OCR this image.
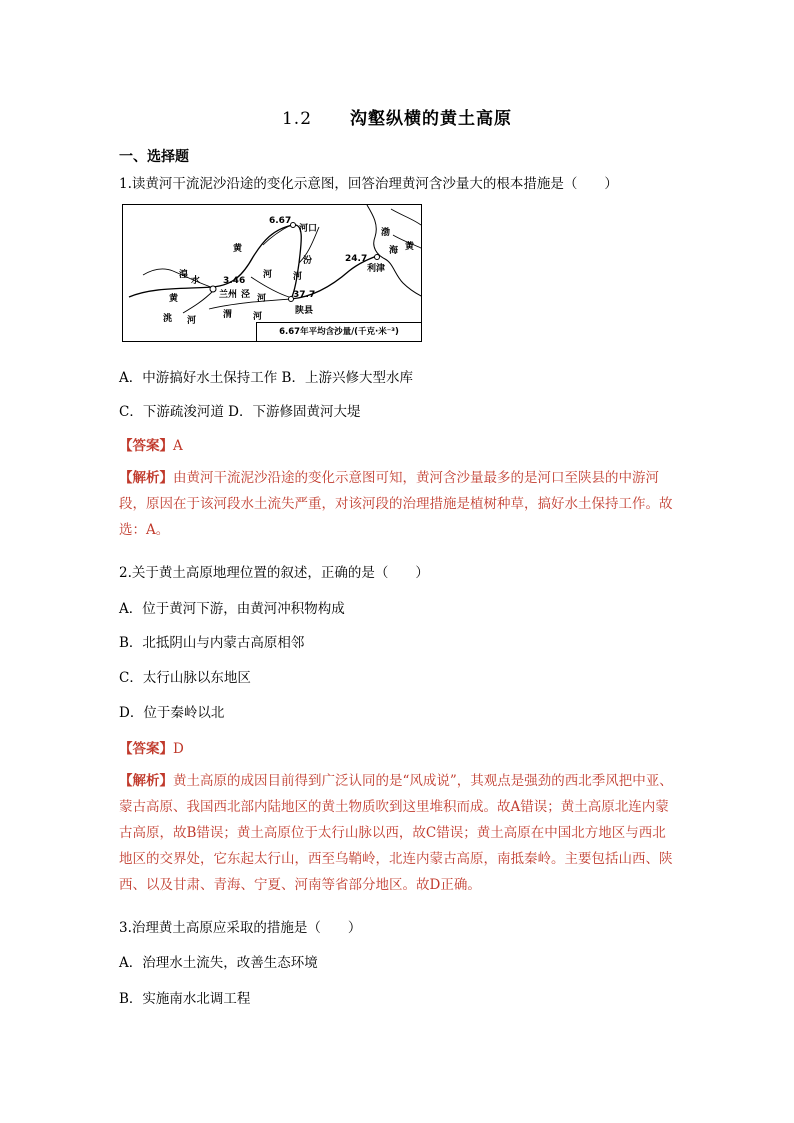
1.2 沟壑纵横的黄土高原
一、选择题
1.读黄河干流泥沙沿途的变化示意图，回答治理黄河含沙量大的根本措施是（　　）
6.67
河口
3.46
兰州	37.7
陕县
24.7
利津
黄
河
汾
河
泾 河
渭 河
洮 河
湟
水
渤
海 黄
黄
6.67年平均含沙量/(千克·米⁻³)
A．中游搞好水土保持工作 B．上游兴修大型水库
C．下游疏浚河道 D．下游修固黄河大堤
【答案】A
【解析】由黄河干流泥沙沿途的变化示意图可知，黄河含沙量最多的是河口至陕县的中游河段，原因在于该河段水土流失严重，对该河段的治理措施是植树种草，搞好水土保持工作。故选：A。
2.关于黄土高原地理位置的叙述，正确的是（　　）
A．位于黄河下游，由黄河冲积物构成
B．北抵阴山与内蒙古高原相邻
C．太行山脉以东地区
D．位于秦岭以北
【答案】D
【解析】黄土高原的成因目前得到广泛认同的是“风成说”，其观点是强劲的西北季风把中亚、蒙古高原、我国西北部内陆地区的黄土物质吹到这里堆积而成。故A错误；黄土高原北连内蒙古高原，故B错误；黄土高原位于太行山脉以西，故C错误；黄土高原在中国北方地区与西北地区的交界处，它东起太行山，西至乌鞘岭，北连内蒙古高原，南抵秦岭。主要包括山西、陕西、以及甘肃、青海、宁夏、河南等省部分地区。故D正确。
3.治理黄土高原应采取的措施是（　　）
A．治理水土流失，改善生态环境
B．实施南水北调工程
